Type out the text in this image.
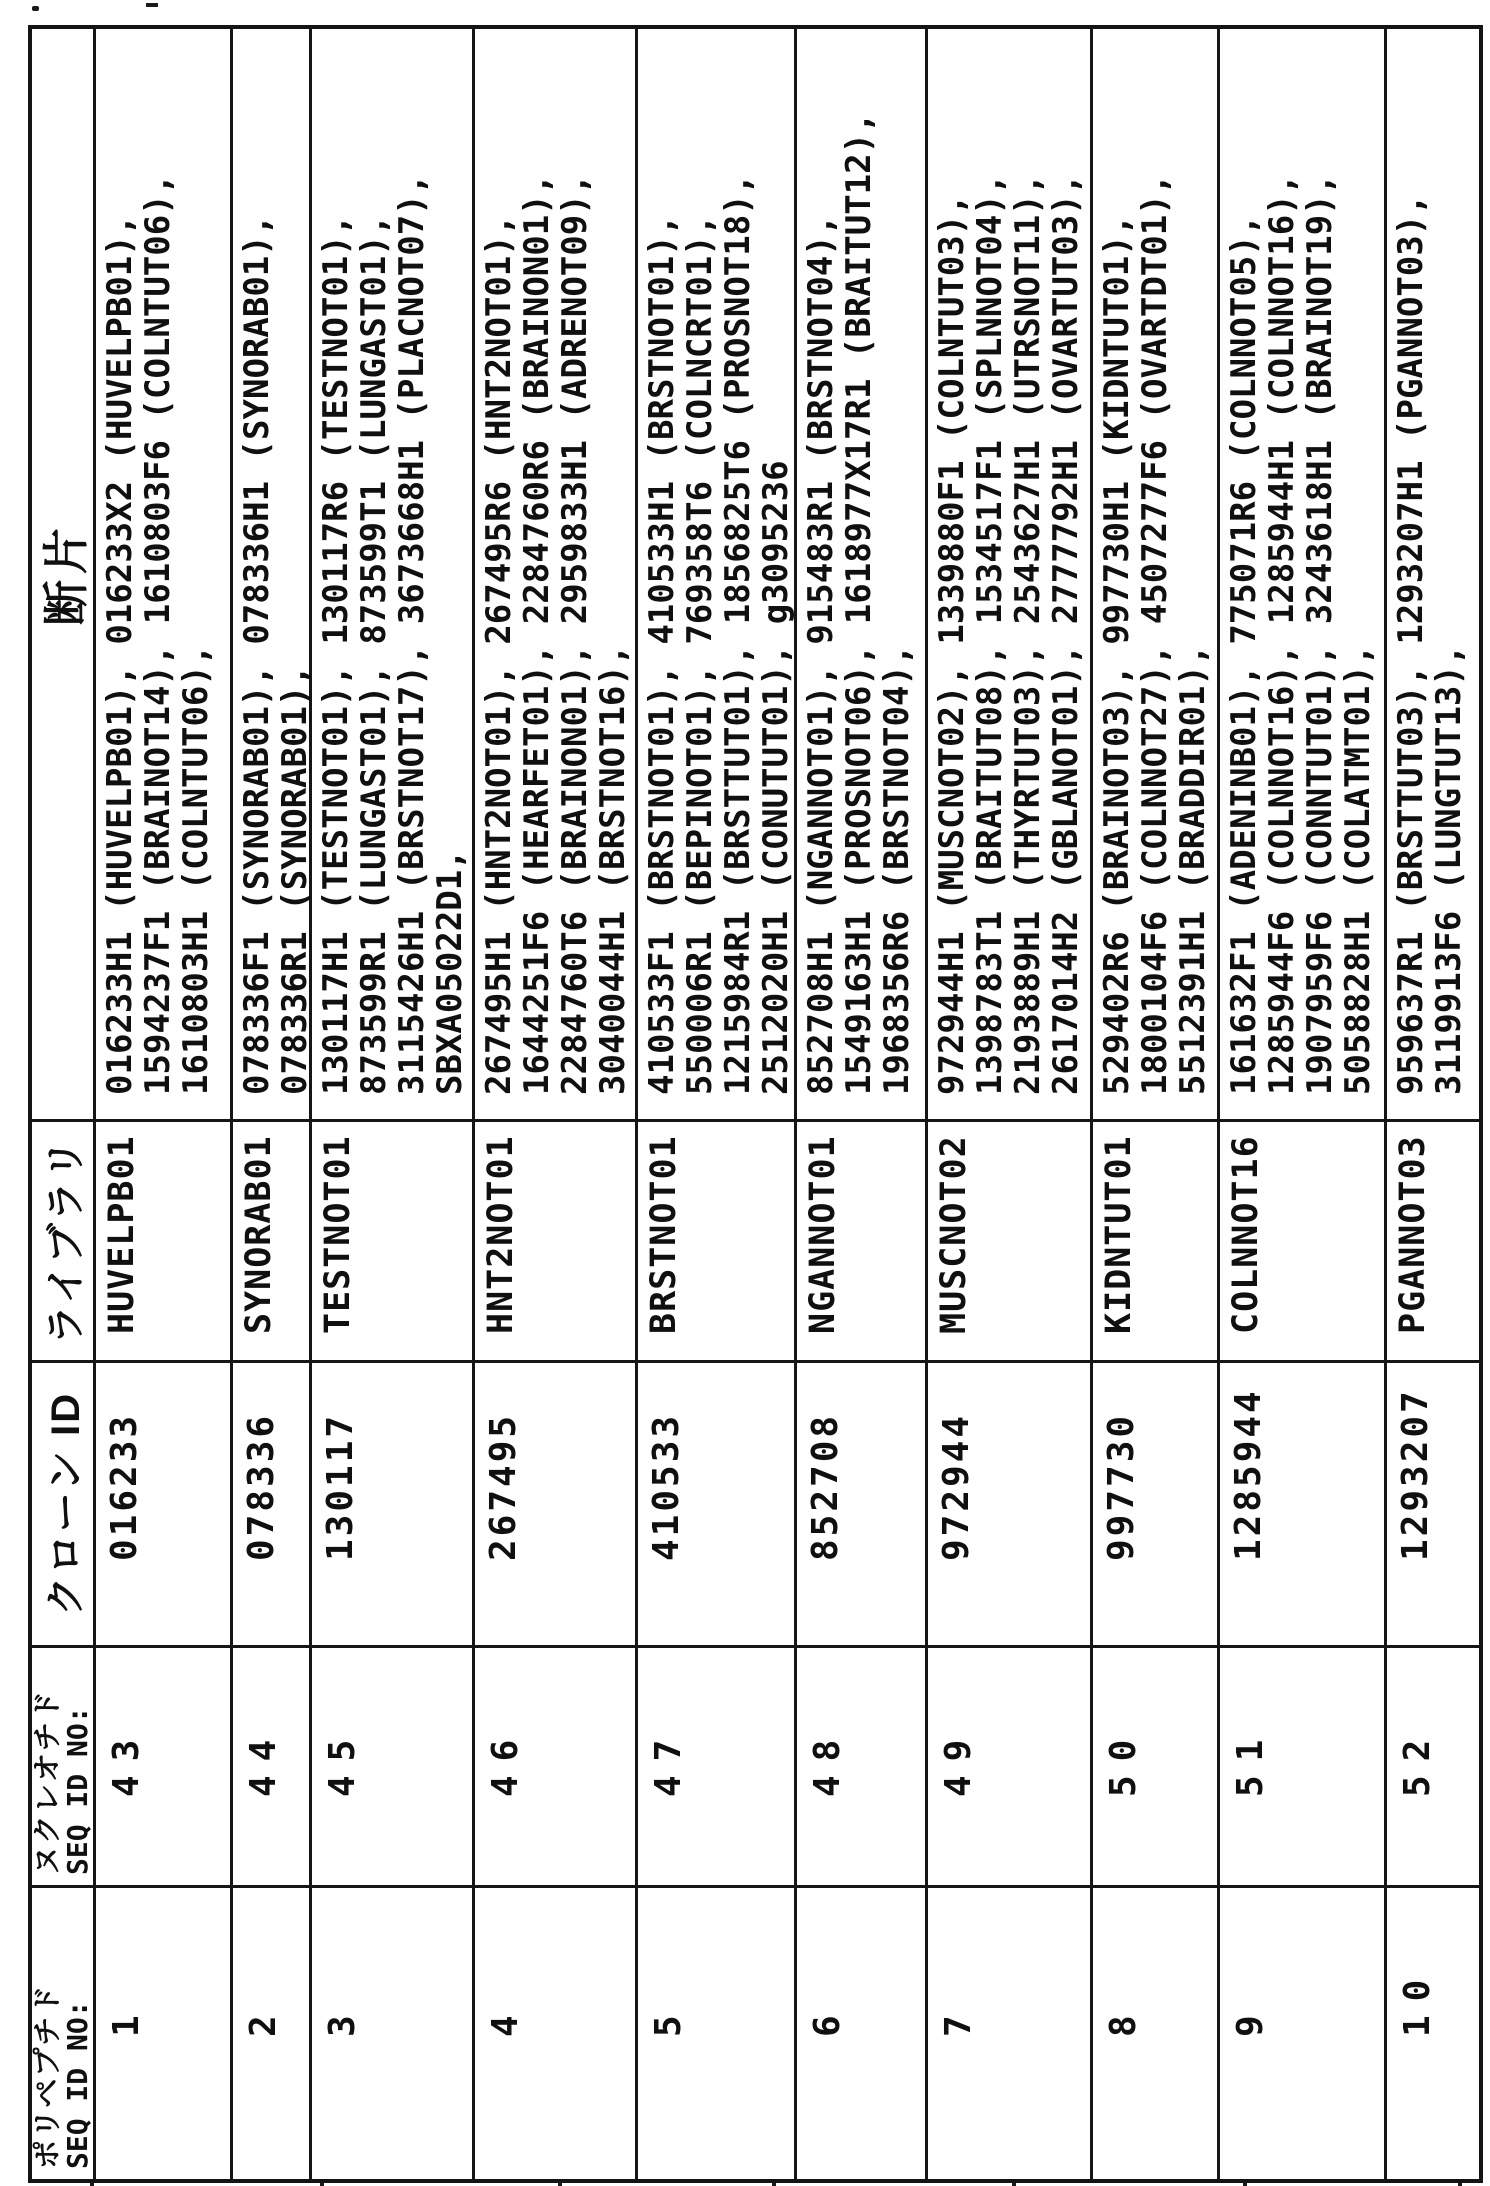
ポリペプチド
SEQ ID NO:
ヌクレオチド
SEQ ID NO:
クローン ID
ライブラリ
断片
1
43
016233
HUVELPB01
016233H1 (HUVELPB01), 016233X2 (HUVELPB01),
1594237F1 (BRAINOT14), 1610803F6 (COLNTUT06),
1610803H1 (COLNTUT06),
2
44
078336
SYNORAB01
078336F1 (SYNORAB01), 078336H1 (SYNORAB01),
078336R1 (SYNORAB01),
3
45
130117
TESTNOT01
130117H1 (TESTNOT01), 130117R6 (TESTNOT01),
873599R1 (LUNGAST01), 873599T1 (LUNGAST01),
3115426H1 (BRSTNOT17), 3673668H1 (PLACNOT07),
SBXA05022D1,
4
46
267495
HNT2NOT01
267495H1 (HNT2NOT01), 267495R6 (HNT2NOT01),
1644251F6 (HEARFET01), 2284760R6 (BRAINON01),
2284760T6 (BRAINON01), 2959833H1 (ADRENOT09),
3040044H1 (BRSTNOT16),
5
47
410533
BRSTNOT01
410533F1 (BRSTNOT01), 410533H1 (BRSTNOT01),
550006R1 (BEPINOT01), 769358T6 (COLNCRT01),
1215984R1 (BRSTTUT01), 1856825T6 (PROSNOT18),
2512020H1 (CONUTUT01), g3095236
6
48
852708
NGANNOT01
852708H1 (NGANNOT01), 915483R1 (BRSTNOT04),
1549163H1 (PROSNOT06), 1618977X17R1 (BRAITUT12),
1968356R6 (BRSTNOT04),
7
49
972944
MUSCNOT02
972944H1 (MUSCNOT02), 1339880F1 (COLNTUT03),
1398783T1 (BRAITUT08), 1534517F1 (SPLNNOT04),
2193889H1 (THYRTUT03), 2543627H1 (UTRSNOT11),
2617014H2 (GBLANOT01), 2777792H1 (OVARTUT03),
8
50
997730
KIDNTUT01
529402R6 (BRAINOT03), 997730H1 (KIDNTUT01),
1800104F6 (COLNNOT27), 4507277F6 (OVARTDT01),
5512391H1 (BRADDIR01),
9
51
1285944
COLNNOT16
161632F1 (ADENINB01), 775071R6 (COLNNOT05),
1285944F6 (COLNNOT16), 1285944H1 (COLNNOT16),
1907959F6 (CONNTUT01), 3243618H1 (BRAINOT19),
5058828H1 (COLATMT01),
10
52
1293207
PGANNOT03
959637R1 (BRSTTUT03), 1293207H1 (PGANNOT03),
3119913F6 (LUNGTUT13),
